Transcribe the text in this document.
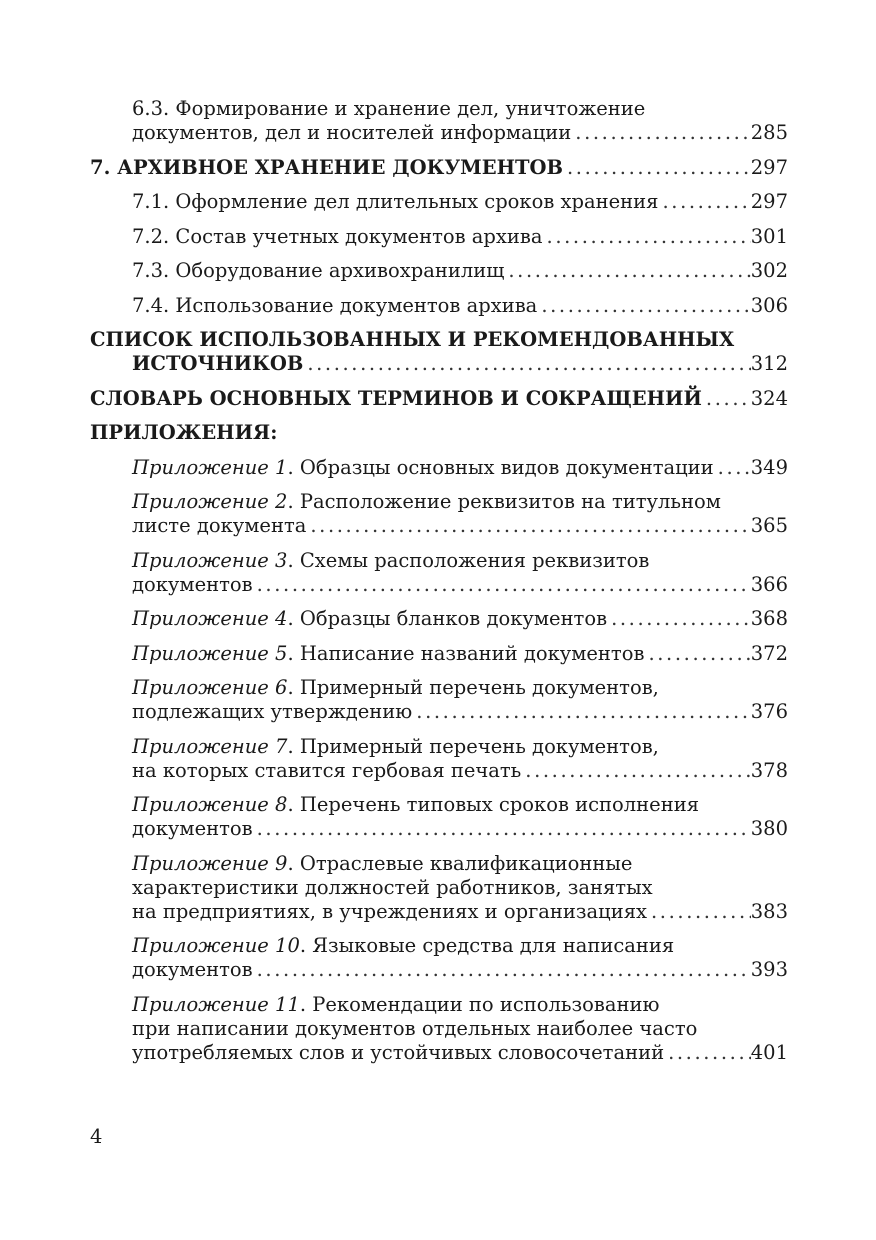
6.3. Формирование и хранение дел, уничтожение
документов, дел и носителей информации .....	285
7. АРХИВНОЕ ХРАНЕНИЕ ДОКУМЕНТОВ .....	297
7.1. Оформление дел длительных сроков хранения .....	297
7.2. Состав учетных документов архива .....	301
7.3. Оборудование архивохранилищ .....	302
7.4. Использование документов архива .....	306
СПИСОК ИСПОЛЬЗОВАННЫХ И РЕКОМЕНДОВАННЫХ
ИСТОЧНИКОВ .....	312
СЛОВАРЬ ОСНОВНЫХ ТЕРМИНОВ И СОКРАЩЕНИЙ .....	324
ПРИЛОЖЕНИЯ:
Приложение 1. Образцы основных видов документации ..... 349
Приложение 2. Расположение реквизитов на титульном
листе документа .....	365
Приложение 3. Схемы расположения реквизитов
документов .....	366
Приложение 4. Образцы бланков документов .....	368
Приложение 5. Написание названий документов .....	372
Приложение 6. Примерный перечень документов,
подлежащих утверждению .....	376
Приложение 7. Примерный перечень документов,
на которых ставится гербовая печать .....	378
Приложение 8. Перечень типовых сроков исполнения
документов .....	380
Приложение 9. Отраслевые квалификационные
характеристики должностей работников, занятых
на предприятиях, в учреждениях и организациях .....	383
Приложение 10. Языковые средства для написания
документов .....	393
Приложение 11. Рекомендации по использованию
при написании документов отдельных наиболее часто
употребляемых слов и устойчивых словосочетаний .....	401
4
